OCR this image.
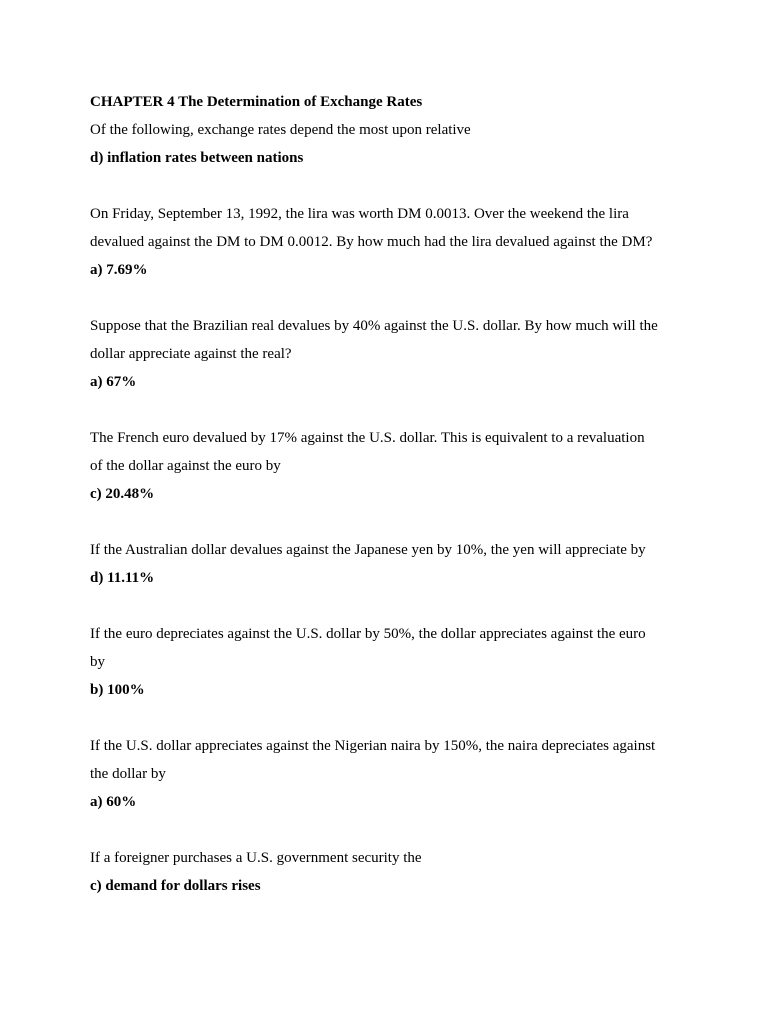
CHAPTER 4 The Determination of Exchange Rates
Of the following, exchange rates depend the most upon relative
d) inflation rates between nations
On Friday, September 13, 1992, the lira was worth DM 0.0013. Over the weekend the lira
devalued against the DM to DM 0.0012. By how much had the lira devalued against the DM?
a) 7.69%
Suppose that the Brazilian real devalues by 40% against the U.S. dollar. By how much will the
dollar appreciate against the real?
a) 67%
The French euro devalued by 17% against the U.S. dollar. This is equivalent to a revaluation
of the dollar against the euro by
c) 20.48%
If the Australian dollar devalues against the Japanese yen by 10%, the yen will appreciate by
d) 11.11%
If the euro depreciates against the U.S. dollar by 50%, the dollar appreciates against the euro
by
b) 100%
If the U.S. dollar appreciates against the Nigerian naira by 150%, the naira depreciates against
the dollar by
a) 60%
If a foreigner purchases a U.S. government security the
c) demand for dollars rises
